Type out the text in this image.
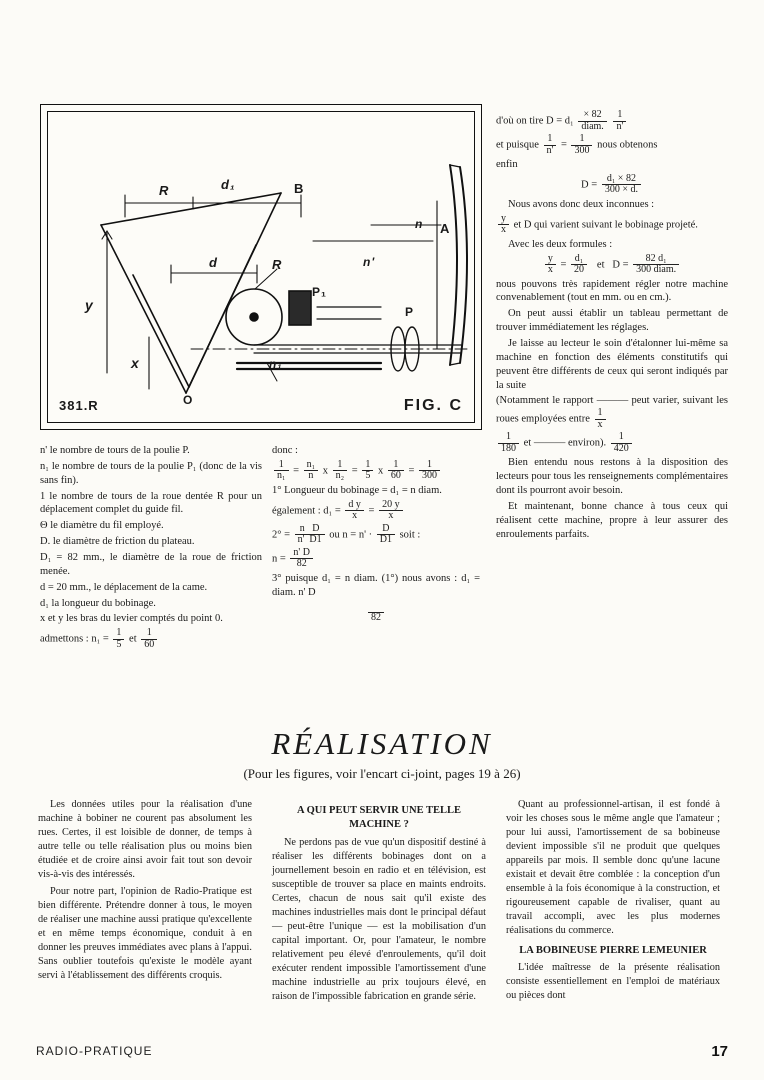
R	B
d₁
A
n
d	R	n'
P₁
P
y
x	n₁
O
381.R	FIG. C

n' le nombre de tours de la poulie P.

n₁ le nombre de tours de la poulie P₁ (donc de la vis sans fin).

1 le nombre de tours de la roue dentée R pour un déplacement complet du guide fil.

Θ le diamètre du fil employé.

D. le diamètre de friction du plateau.

D₁ = 82 mm., le diamètre de la roue de friction menée.

d = 20 mm., le déplacement de la came.

d₁ la longueur du bobinage.

x et y les bras du levier comptés du point 0.

admettons : $n_1 = \frac{1}{5}$ et $\frac{1}{60}$

donc :

$\frac{1}{\text{n₁}} = \frac{\text{n₁}}{n}$ x $\frac{1}{\text{n₂}} = \frac{1}{5}$ x $\frac{1}{60} = \frac{1}{300}$

1° Longueur du bobinage = d₁ = n diam.

également : $d_1 = \frac{\text{d y}}{x} = \frac{20 y}{x}$

$2^\circ = \frac{\text{n   D}}{n' D1}$ ou $n = n' \cdot \frac{D}{D1}$ soit :

$n = \frac{n' D}{82}$

3° puisque d₁ = n diam. (1°) nous avons : d₁ = diam. n' D

82

d'où on tire $D = d_1 \frac{\times 82}{\text{diam.}}$
$\frac{1}{n'}$

et puisque $\frac{1}{n'} = \frac{1}{300}$ nous obtenons

enfin

$D = \frac{\text{d₁ × 82}}{300 \times d.}$

Nous avons donc deux inconnues :

$\frac{y}{x}$ et D qui varient suivant le bobinage projeté.

Avec les deux formules :

$\frac{y}{x} = \frac{\text{d₁}}{20}$ et   $D = \frac{\text{82 d₁}}{\text{300 diam.}}$

nous pouvons très rapidement régler notre machine convenablement (tout en mm. ou en cm.).

On peut aussi établir un tableau permettant de trouver immédiatement les réglages.

Je laisse au lecteur le soin d'étalonner lui-même sa machine en fonction des éléments constitutifs qui peuvent être différents de ceux qui seront indiqués par la suite

(Notamment le rapport ——— peut varier, suivant les roues employées entre $\frac{1}{x}$

$\frac{1}{180}$ et ——— environ). $\frac{1}{420}$

Bien entendu nous restons à la disposition des lecteurs pour tous les renseignements complémentaires dont ils pourront avoir besoin.

Et maintenant, bonne chance à tous ceux qui réalisent cette machine, propre à leur assurer des enroulements parfaits.

RÉALISATION
(Pour les figures, voir l'encart ci-joint, pages 19 à 26)

Les données utiles pour la réalisation d'une machine à bobiner ne courent pas absolument les rues. Certes, il est loisible de donner, de temps à autre telle ou telle réalisation plus ou moins bien étudiée et de croire ainsi avoir fait tout son devoir vis-à-vis des intéressés.

Pour notre part, l'opinion de Radio-Pratique est bien différente. Prétendre donner à tous, le moyen de réaliser une machine aussi pratique qu'excellente et en même temps économique, conduit à en donner les preuves immédiates avec plans à l'appui. Sans oublier toutefois qu'existe le modèle ayant servi à l'établissement des différents croquis.

A QUI PEUT SERVIR UNE TELLE MACHINE ?

Ne perdons pas de vue qu'un dispositif destiné à réaliser les différents bobinages dont on a journellement besoin en radio et en télévision, est susceptible de trouver sa place en maints endroits. Certes, chacun de nous sait qu'il existe des machines industrielles mais dont le principal défaut — peut-être l'unique — est la mobilisation d'un capital important. Or, pour l'amateur, le nombre relativement peu élevé d'enroulements, qu'il doit exécuter rendent impossible l'amortissement d'une machine industrielle au prix toujours élevé, en raison de l'impossible fabrication en grande série.

Quant au professionnel-artisan, il est fondé à voir les choses sous le même angle que l'amateur ; pour lui aussi, l'amortissement de sa bobineuse devient impossible s'il ne produit que quelques appareils par mois. Il semble donc qu'une lacune existait et devait être comblée : la conception d'un ensemble à la fois économique à la construction, et rigoureusement capable de rivaliser, quant au travail accompli, avec les plus modernes réalisations du commerce.

LA BOBINEUSE PIERRE LEMEUNIER

L'idée maîtresse de la présente réalisation consiste essentiellement en l'emploi de matériaux ou pièces dont

RADIO-PRATIQUE	17
